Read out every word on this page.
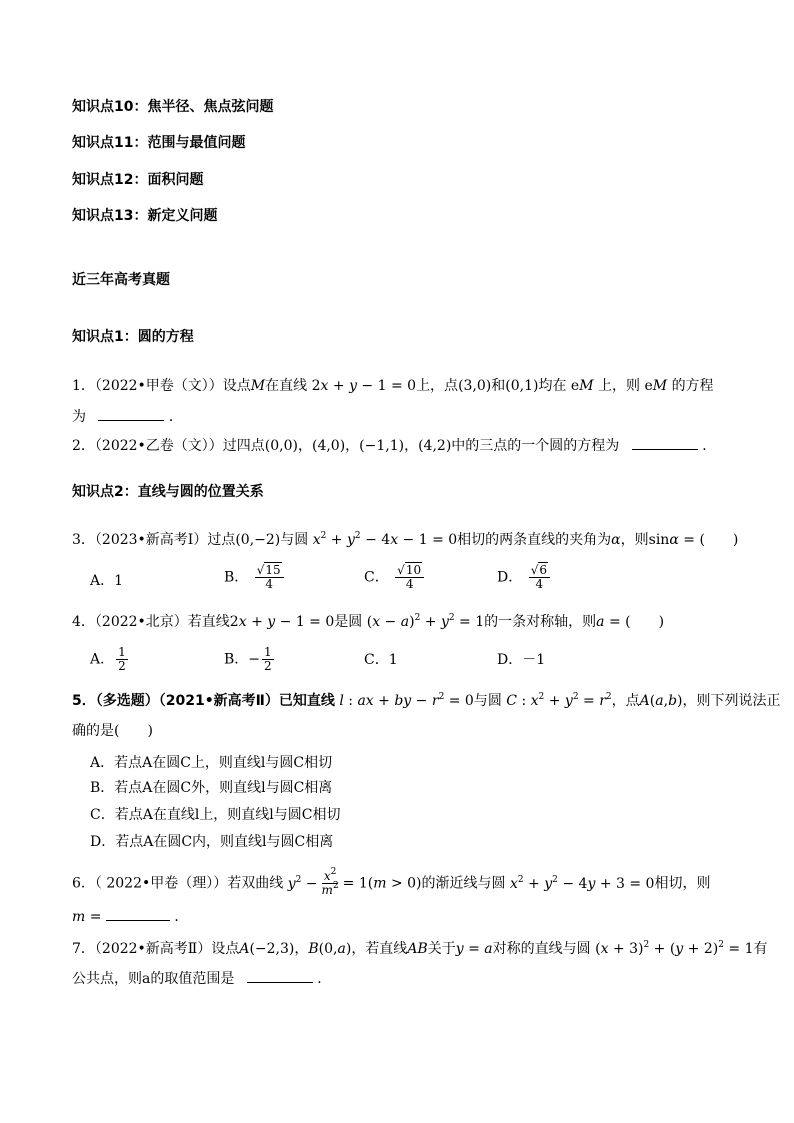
知识点10：焦半径、焦点弦问题
知识点11：范围与最值问题
知识点12：面积问题
知识点13：新定义问题
近三年高考真题
知识点1：圆的方程
1．（2022•甲卷（文））设点M在直线 2x + y − 1 = 0上，点(3,0)和(0,1)均在 eM 上，则 eM 的方程
为	．
2．（2022•乙卷（文））过四点(0,0)，(4,0)，(−1,1)，(4,2)中的三点的一个圆的方程为	．
知识点2：直线与圆的位置关系
3．（2023•新高考Ⅰ）过点(0,−2)与圆 $x^2 + y^2 - 4x - 1 = 0$相切的两条直线的夹角为α，则sinα = (　　)
A．1	B． $\frac{√15}{4}$	C． $\frac{√10}{4}$	D． $\frac{√6}{4}$
4．（2022•北京）若直线2x + y − 1 = 0是圆 $(x - a)^2 + y^2 = 1$的一条对称轴，则a = (　　)
A． $\frac{1}{2}$	B．− $\frac{1}{2}$	C．1	D．－1
5．（多选题）（2021•新高考Ⅱ）已知直线 l : ax + by − $r^2 = 0$与圆 C : $x^2 + y^2 = r^2$，点A(a,b)，则下列说法正
确的是(　　)
A．若点A在圆C上，则直线l与圆C相切
B．若点A在圆C外，则直线l与圆C相离
C．若点A在直线l上，则直线l与圆C相切
D．若点A在圆C内，则直线l与圆C相离
6．（ 2022•甲卷（理））若双曲线 $y^2 - \frac{x^2}{m^2} = 1(m > 0)$的渐近线与圆 $x^2 + y^2 - 4y + 3 = 0$相切，则
m =	．
7．（2022•新高考Ⅱ）设点A(−2,3)，B(0,a)，若直线AB关于y = a对称的直线与圆 $(x + 3)^2 + (y + 2)^2 = 1$有
公共点，则a的取值范围是	．
